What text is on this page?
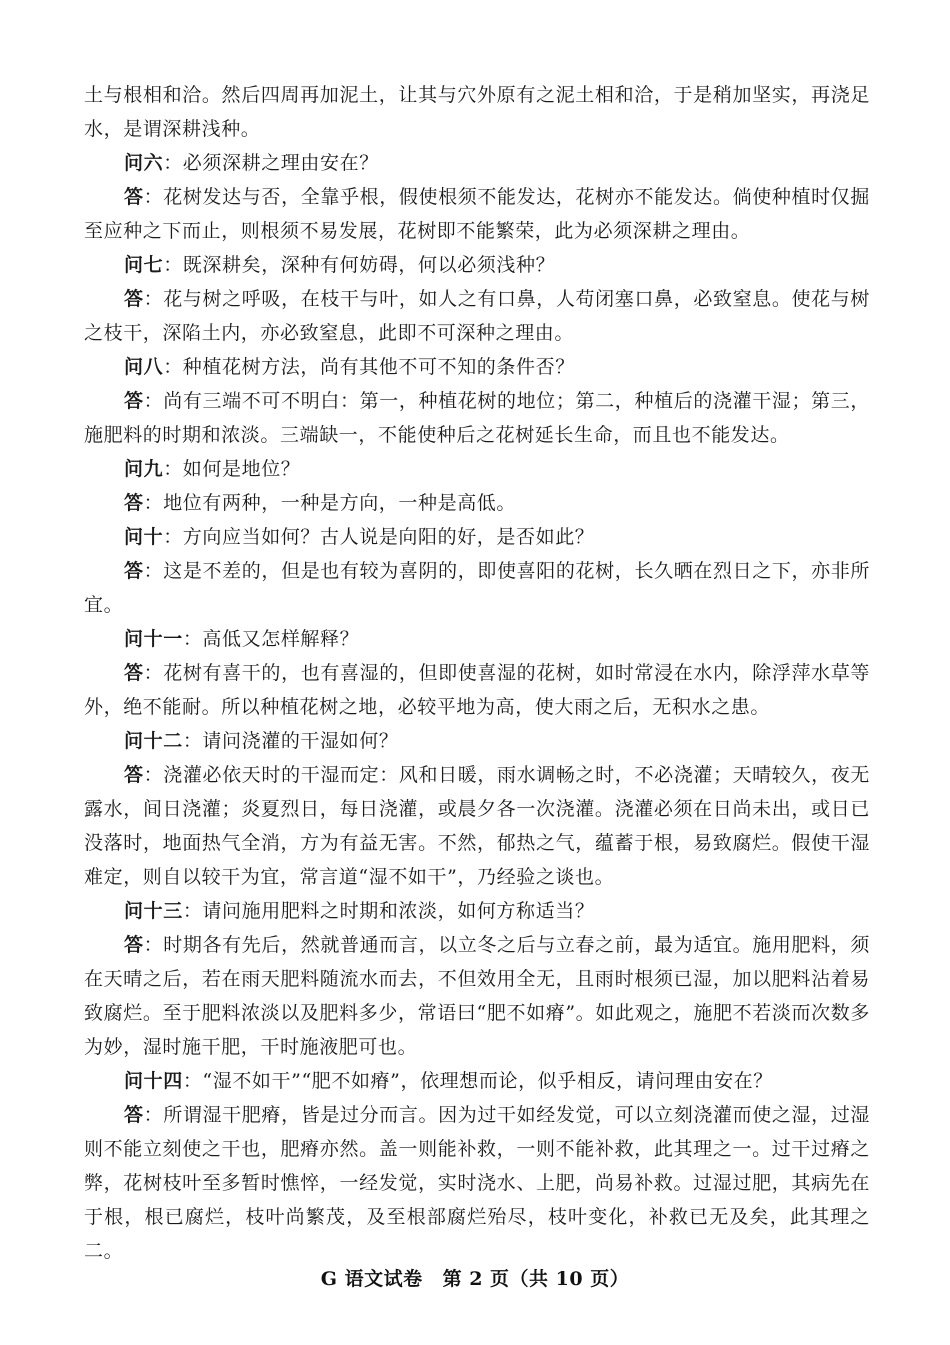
土与根相和洽。然后四周再加泥土，让其与穴外原有之泥土相和洽，于是稍加坚实，再浇足水，是谓深耕浅种。

问六：必须深耕之理由安在？

答：花树发达与否，全靠乎根，假使根须不能发达，花树亦不能发达。倘使种植时仅掘至应种之下而止，则根须不易发展，花树即不能繁荣，此为必须深耕之理由。

问七：既深耕矣，深种有何妨碍，何以必须浅种？

答：花与树之呼吸，在枝干与叶，如人之有口鼻，人苟闭塞口鼻，必致窒息。使花与树之枝干，深陷土内，亦必致窒息，此即不可深种之理由。

问八：种植花树方法，尚有其他不可不知的条件否？

答：尚有三端不可不明白：第一，种植花树的地位；第二，种植后的浇灌干湿；第三，施肥料的时期和浓淡。三端缺一，不能使种后之花树延长生命，而且也不能发达。

问九：如何是地位？

答：地位有两种，一种是方向，一种是高低。

问十：方向应当如何？古人说是向阳的好，是否如此？

答：这是不差的，但是也有较为喜阴的，即使喜阳的花树，长久晒在烈日之下，亦非所宜。

问十一：高低又怎样解释？

答：花树有喜干的，也有喜湿的，但即使喜湿的花树，如时常浸在水内，除浮萍水草等外，绝不能耐。所以种植花树之地，必较平地为高，使大雨之后，无积水之患。

问十二：请问浇灌的干湿如何？

答：浇灌必依天时的干湿而定：风和日暖，雨水调畅之时，不必浇灌；天晴较久，夜无露水，间日浇灌；炎夏烈日，每日浇灌，或晨夕各一次浇灌。浇灌必须在日尚未出，或日已没落时，地面热气全消，方为有益无害。不然，郁热之气，蕴蓄于根，易致腐烂。假使干湿难定，则自以较干为宜，常言道“湿不如干”，乃经验之谈也。

问十三：请问施用肥料之时期和浓淡，如何方称适当？

答：时期各有先后，然就普通而言，以立冬之后与立春之前，最为适宜。施用肥料，须在天晴之后，若在雨天肥料随流水而去，不但效用全无，且雨时根须已湿，加以肥料沾着易致腐烂。至于肥料浓淡以及肥料多少，常语曰“肥不如瘠”。如此观之，施肥不若淡而次数多为妙，湿时施干肥，干时施液肥可也。

问十四：“湿不如干”“肥不如瘠”，依理想而论，似乎相反，请问理由安在？

答：所谓湿干肥瘠，皆是过分而言。因为过干如经发觉，可以立刻浇灌而使之湿，过湿则不能立刻使之干也，肥瘠亦然。盖一则能补救，一则不能补救，此其理之一。过干过瘠之弊，花树枝叶至多暂时憔悴，一经发觉，实时浇水、上肥，尚易补救。过湿过肥，其病先在于根，根已腐烂，枝叶尚繁茂，及至根部腐烂殆尽，枝叶变化，补救已无及矣，此其理之二。

G 语文试卷 第 2 页（共 10 页）
